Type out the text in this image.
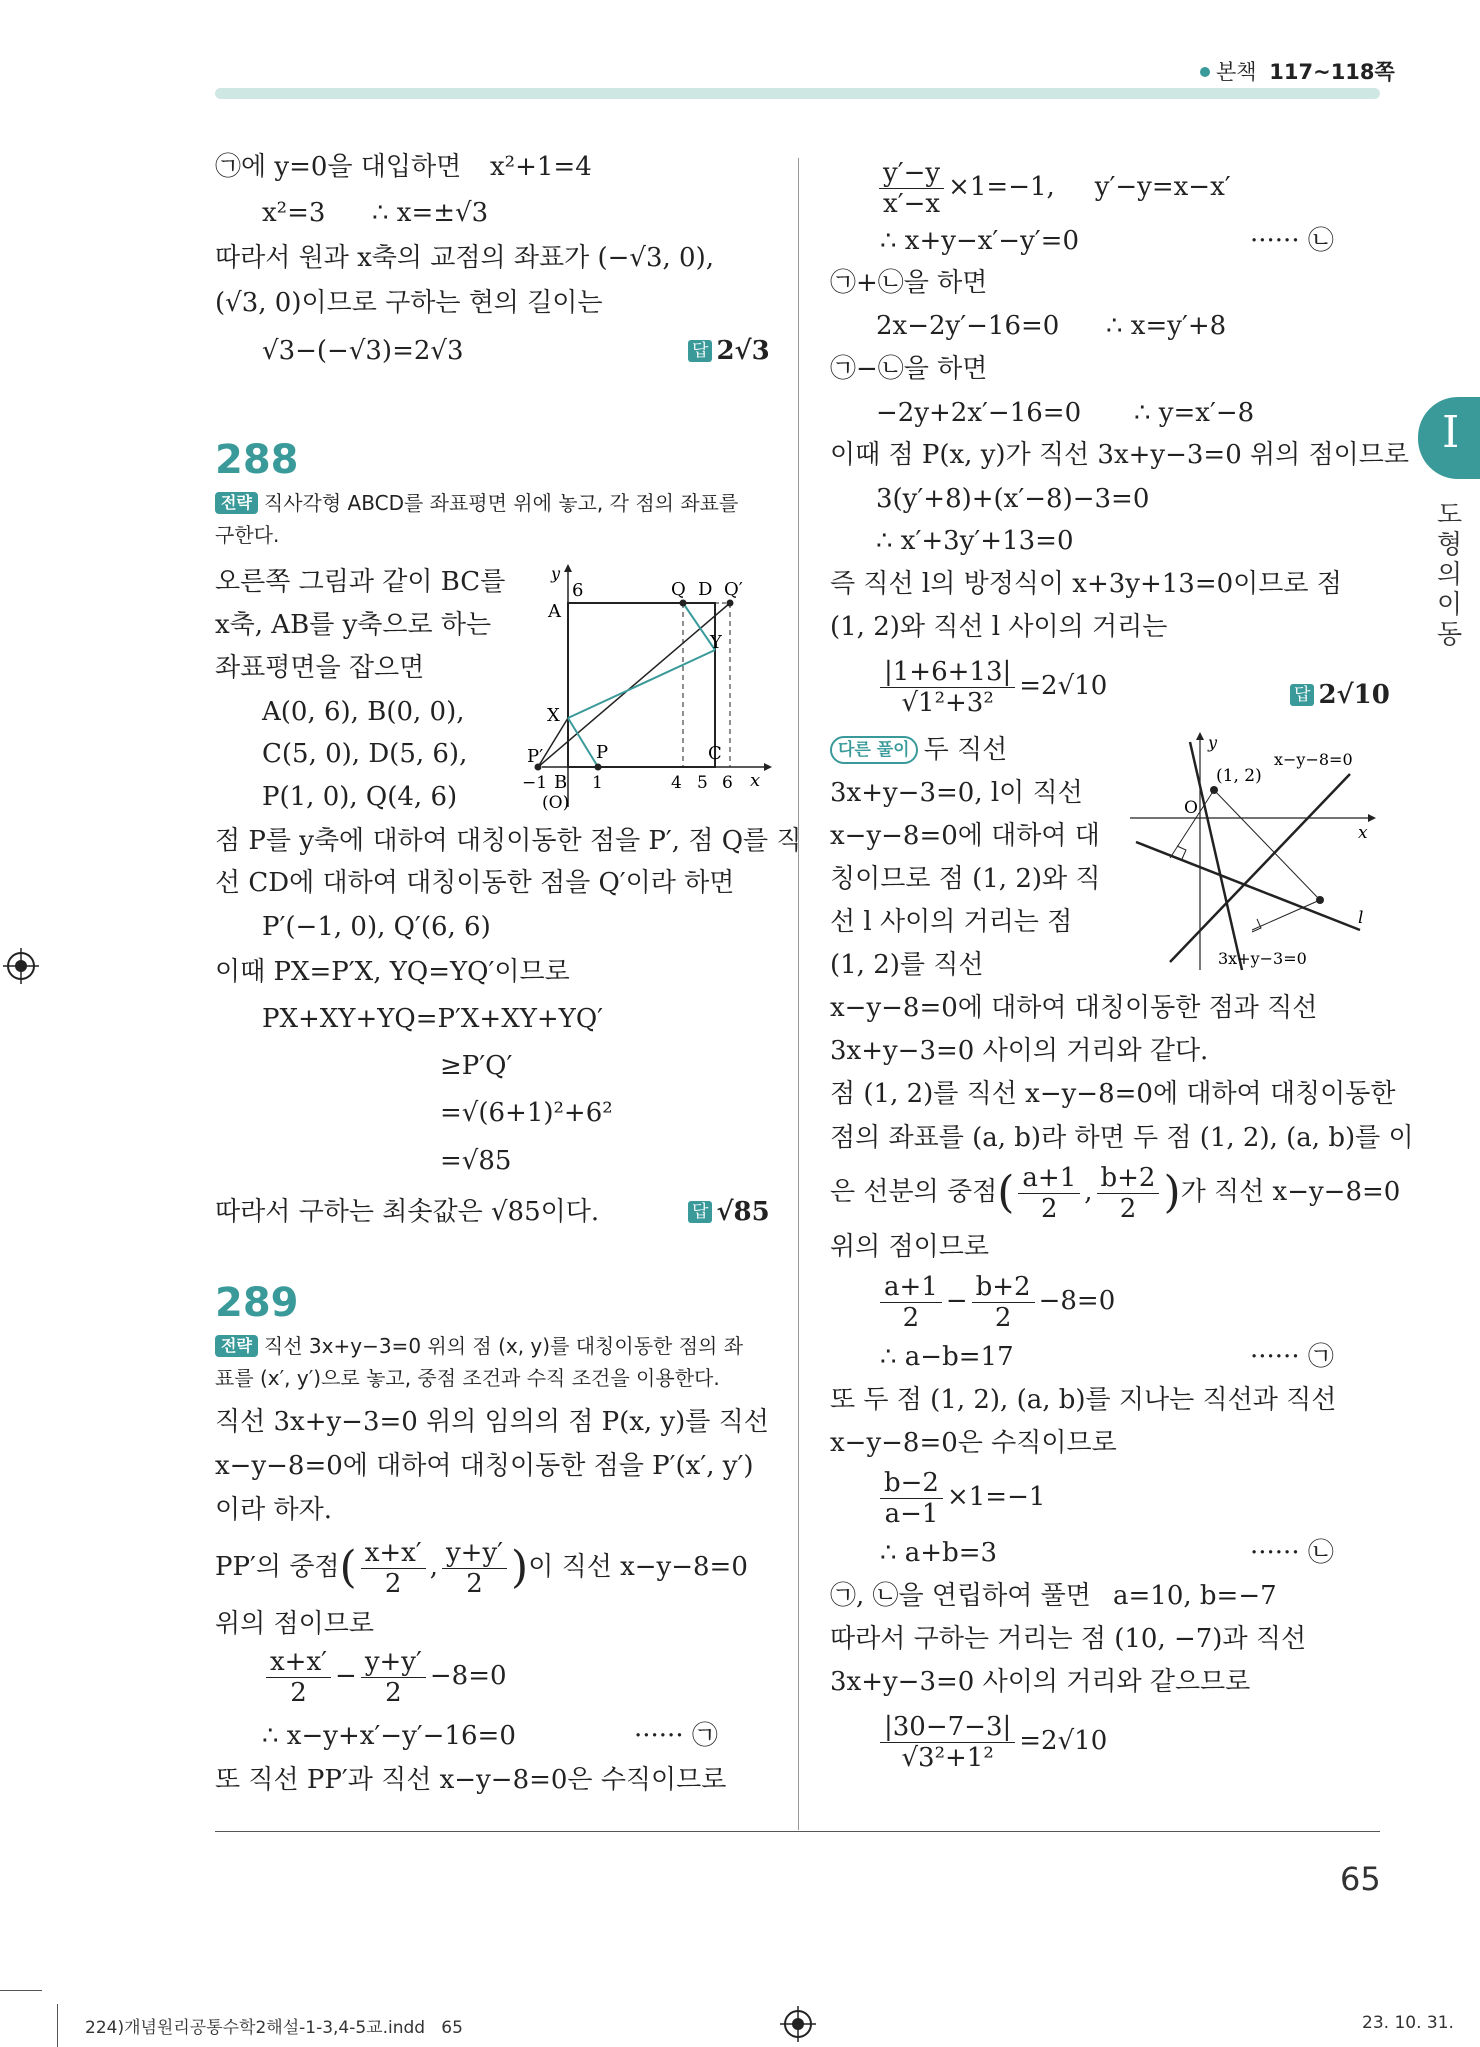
본책 117~118쪽
I
도형의 이동
㉠에 y=0을 대입하면 x²+1=4
x²=3 ∴ x=±√3
따라서 원과 x축의 교점의 좌표가 (−√3, 0),
(√3, 0)이므로 구하는 현의 길이는
√3−(−√3)=2√3	답 2√3
288
전략 직사각형 ABCD를 좌표평면 위에 놓고, 각 점의 좌표를
구한다.
오른쪽 그림과 같이 BC를
x축, AB를 y축으로 하는
좌표평면을 잡으면
A(0, 6), B(0, 0),
C(5, 0), D(5, 6),
P(1, 0), Q(4, 6)
y
A
6	Q D Q′
Y
X
P′	P	C
−1 B 1
(O)
4 5 6 x
점 P를 y축에 대하여 대칭이동한 점을 P′, 점 Q를 직
선 CD에 대하여 대칭이동한 점을 Q′이라 하면
P′(−1, 0), Q′(6, 6)
이때 PX=P′X, YQ=YQ′이므로
PX+XY+YQ=P′X+XY+YQ′
≥P′Q′
=√(6+1)²+6²
=√85
따라서 구하는 최솟값은 √85이다.	답 √85
289
전략 직선 3x+y−3=0 위의 점 (x, y)를 대칭이동한 점의 좌
표를 (x′, y′)으로 놓고, 중점 조건과 수직 조건을 이용한다.
직선 3x+y−3=0 위의 임의의 점 P(x, y)를 직선
x−y−8=0에 대하여 대칭이동한 점을 P′(x′, y′)
이라 하자.
PP′의 중점( $\frac{x+x'}{2}$ , $\frac{y+y'}{2}$ )이 직선 x−y−8=0
위의 점이므로
$\frac{x+x'}{2} - \frac{y+y'}{2} -8=0$
∴ x−y+x′−y′−16=0	······ ㉠
또 직선 PP′과 직선 x−y−8=0은 수직이므로
$\frac{y'-y}{x'-x} \times 1=-1$, y′−y=x−x′
∴ x+y−x′−y′=0	······ ㉡
㉠+㉡을 하면
2x−2y′−16=0 ∴ x=y′+8
㉠−㉡을 하면
−2y+2x′−16=0 ∴ y=x′−8
이때 점 P(x, y)가 직선 3x+y−3=0 위의 점이므로
3(y′+8)+(x′−8)−3=0
∴ x′+3y′+13=0
즉 직선 l의 방정식이 x+3y+13=0이므로 점
(1, 2)와 직선 l 사이의 거리는
$\frac{|1+6+13|}{\text{√1²+3²}} =2√10$	답 2√10
다른 풀이 두 직선
3x+y−3=0, l이 직선
x−y−8=0에 대하여 대
칭이므로 점 (1, 2)와 직
선 l 사이의 거리는 점
(1, 2)를 직선
y
(1, 2)
x−y−8=0
O
x
l
3x+y−3=0
x−y−8=0에 대하여 대칭이동한 점과 직선
3x+y−3=0 사이의 거리와 같다.
점 (1, 2)를 직선 x−y−8=0에 대하여 대칭이동한
점의 좌표를 (a, b)라 하면 두 점 (1, 2), (a, b)를 이
은 선분의 중점( $\frac{a+1}{2}$ , $\frac{b+2}{2}$ )가 직선 x−y−8=0
위의 점이므로
$\frac{a+1}{2} - \frac{b+2}{2} -8=0$
∴ a−b=17	······ ㉠
또 두 점 (1, 2), (a, b)를 지나는 직선과 직선
x−y−8=0은 수직이므로
$\frac{b-2}{a-1} \times 1=-1$
∴ a+b=3	······ ㉡
㉠, ㉡을 연립하여 풀면 a=10, b=−7
따라서 구하는 거리는 점 (10, −7)과 직선
3x+y−3=0 사이의 거리와 같으므로
$\frac{|30-7-3|}{\text{√3²+1²}} =2√10$
65
224)개념원리공통수학2해설-1-3,4-5교.indd   65	23. 10. 31.
